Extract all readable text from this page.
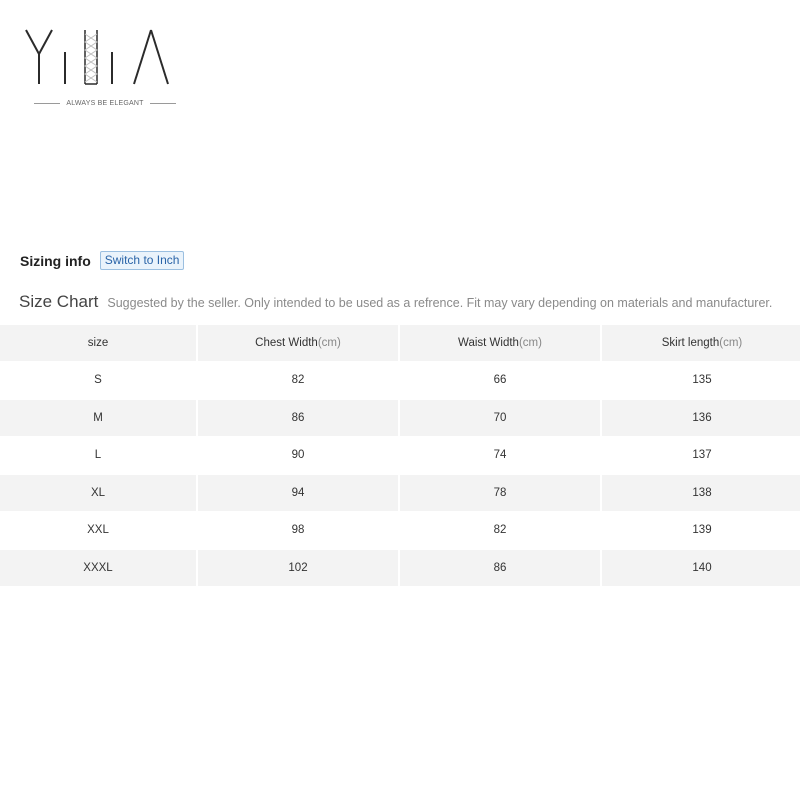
ALWAYS BE ELEGANT
Sizing info	Switch to Inch
Size Chart Suggested by the seller. Only intended to be used as a refrence. Fit may vary depending on materials and manufacturer.
size	Chest Width(cm)	Waist Width(cm)	Skirt length(cm)
S	82	66	135
M	86	70	136
L	90	74	137
XL	94	78	138
XXL	98	82	139
XXXL	102	86	140
